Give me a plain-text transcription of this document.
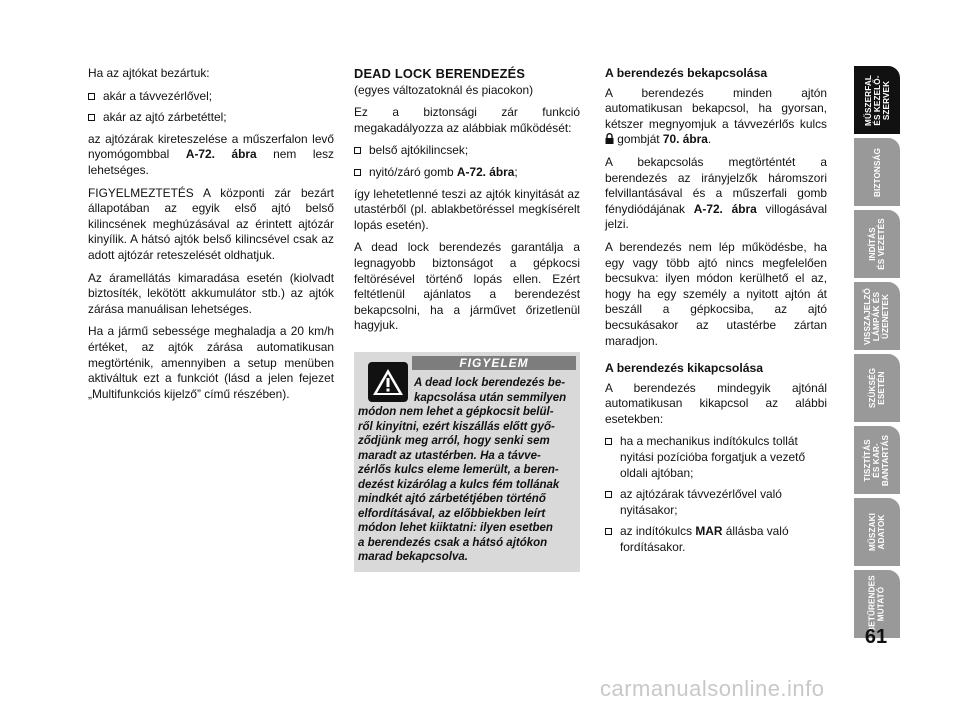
Ha az ajtókat bezártuk:

akár a távvezérlővel;
akár az ajtó zárbetéttel;

az ajtózárak kireteszelése a műszerfalon levő nyomógombbal A-72. ábra nem lesz lehetséges.

FIGYELMEZTETÉS A központi zár bezárt állapotában az egyik első ajtó belső kilincsének meghúzásával az érintett ajtózár kinyílik. A hátsó ajtók belső kilincsével csak az adott ajtózár reteszelését oldhatjuk.

Az áramellátás kimaradása esetén (kiolvadt biztosíték, lekötött akkumulátor stb.) az ajtók zárása manuálisan lehetséges.

Ha a jármű sebessége meghaladja a 20 km/h értéket, az ajtók zárása automatikusan megtörténik, amennyiben a setup menüben aktiváltuk ezt a funkciót (lásd a jelen fejezet „Multifunkciós kijelző” című részében).

DEAD LOCK BERENDEZÉS

(egyes változatoknál és piacokon)

Ez a biztonsági zár funkció megakadályozza az alábbiak működését:

belső ajtókilincsek;
nyitó/záró gomb A-72. ábra;

így lehetetlenné teszi az ajtók kinyitását az utastérből (pl. ablakbetöréssel megkísérelt lopás esetén).

A dead lock berendezés garantálja a legnagyobb biztonságot a gépkocsi feltörésével történő lopás ellen. Ezért feltétlenül ajánlatos a berendezést bekapcsolni, ha a járművet őrizetlenül hagyjuk.

FIGYELEM
A dead lock berendezés be-
kapcsolása után semmilyen
módon nem lehet a gépkocsit belül-
ről kinyitni, ezért kiszállás előtt győ-
ződjünk meg arról, hogy senki sem
maradt az utastérben. Ha a távve-
zérlős kulcs eleme lemerült, a beren-
dezést kizárólag a kulcs fém tollának
mindkét ajtó zárbetétjében történő
elfordításával, az előbbiekben leírt
módon lehet kiiktatni: ilyen esetben
a berendezés csak a hátsó ajtókon
marad bekapcsolva.
A berendezés bekapcsolása

A berendezés minden ajtón automatikusan bekapcsol, ha gyorsan, kétszer megnyomjuk a távvezérlős kulcs  gombját 70. ábra.

A bekapcsolás megtörténtét a berendezés az irányjelzők háromszori felvillantásával és a műszerfali gomb fénydiódájának A-72. ábra villogásával jelzi.

A berendezés nem lép működésbe, ha egy vagy több ajtó nincs megfelelően becsukva: ilyen módon kerülhető el az, hogy ha egy személy a nyitott ajtón át beszáll a gépkocsiba, az ajtó becsukásakor az utastérbe zártan maradjon.

A berendezés kikapcsolása

A berendezés mindegyik ajtónál automatikusan kikapcsol az alábbi esetekben:

ha a mechanikus indítókulcs tollát nyitási pozícióba forgatjuk a vezető oldali ajtóban;
az ajtózárak távvezérlővel való nyitásakor;
az indítókulcs MAR állásba való fordításakor.
MŰSZERFAL
ÉS KEZELŐ-
SZERVEK
BIZTONSÁG
INDÍTÁS
ÉS VEZETÉS
VISSZAJELZŐ
LÁMPÁK ÉS
ÜZENETEK
SZÜKSÉG
ESETÉN
TISZTÍTÁS
ÉS KAR-
BANTARTÁS
MŰSZAKI
ADATOK
BETŰRENDES
MUTATÓ
61
carmanualsonline.info
